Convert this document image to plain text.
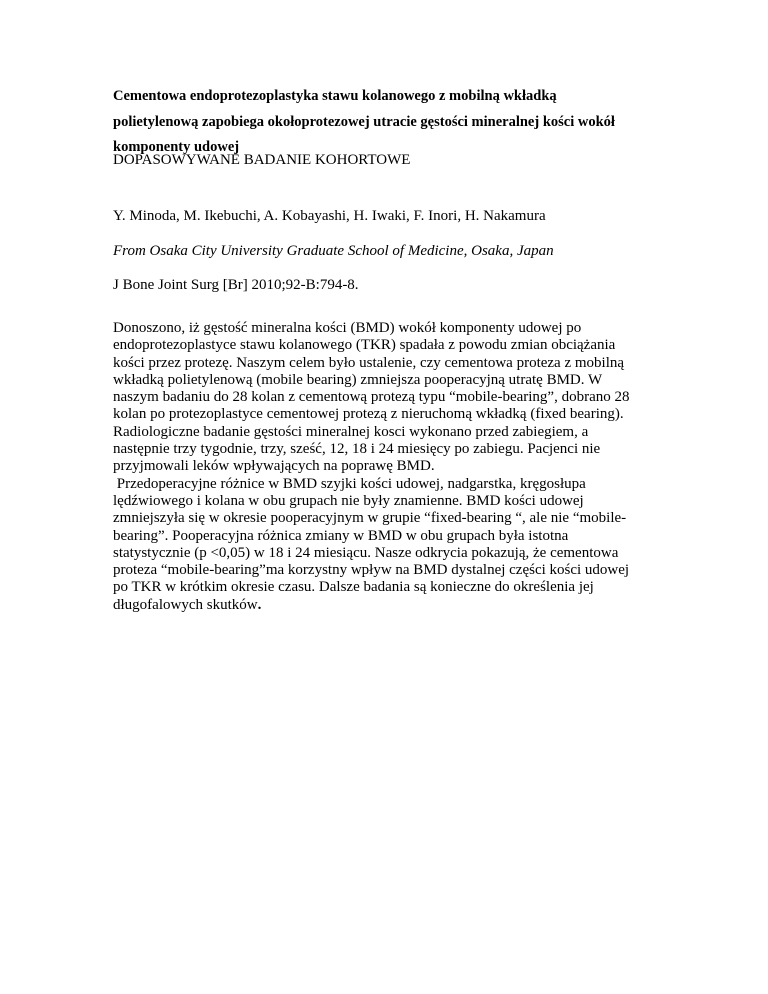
Cementowa endoprotezoplastyka stawu kolanowego z mobilną wkładką
polietylenową zapobiega okołoprotezowej utracie gęstości mineralnej kości wokół
komponenty udowej

DOPASOWYWANE BADANIE KOHORTOWE

Y. Minoda, M. Ikebuchi, A. Kobayashi, H. Iwaki, F. Inori, H. Nakamura

From Osaka City University Graduate School of Medicine, Osaka, Japan

J Bone Joint Surg [Br] 2010;92-B:794-8.

Donoszono, iż gęstość mineralna kości (BMD) wokół komponenty udowej po
endoprotezoplastyce stawu kolanowego (TKR) spadała z powodu zmian obciążania
kości przez protezę. Naszym celem było ustalenie, czy cementowa proteza z mobilną
wkładką polietylenową (mobile bearing) zmniejsza pooperacyjną utratę BMD. W
naszym badaniu do 28 kolan z cementową protezą typu “mobile-bearing”, dobrano 28
kolan po protezoplastyce cementowej protezą z nieruchomą wkładką (fixed bearing).
Radiologiczne badanie gęstości mineralnej kosci wykonano przed zabiegiem, a
następnie trzy tygodnie, trzy, sześć, 12, 18 i 24 miesięcy po zabiegu. Pacjenci nie
przyjmowali leków wpływających na poprawę BMD.
Przedoperacyjne różnice w BMD szyjki kości udowej, nadgarstka, kręgosłupa
lędźwiowego i kolana w obu grupach nie były znamienne. BMD kości udowej
zmniejszyła się w okresie pooperacyjnym w grupie “fixed-bearing “, ale nie “mobile-
bearing”. Pooperacyjna różnica zmiany w BMD w obu grupach była istotna
statystycznie (p <0,05) w 18 i 24 miesiącu. Nasze odkrycia pokazują, że cementowa
proteza “mobile-bearing”ma korzystny wpływ na BMD dystalnej części kości udowej
po TKR w krótkim okresie czasu. Dalsze badania są konieczne do określenia jej
długofalowych skutków.
